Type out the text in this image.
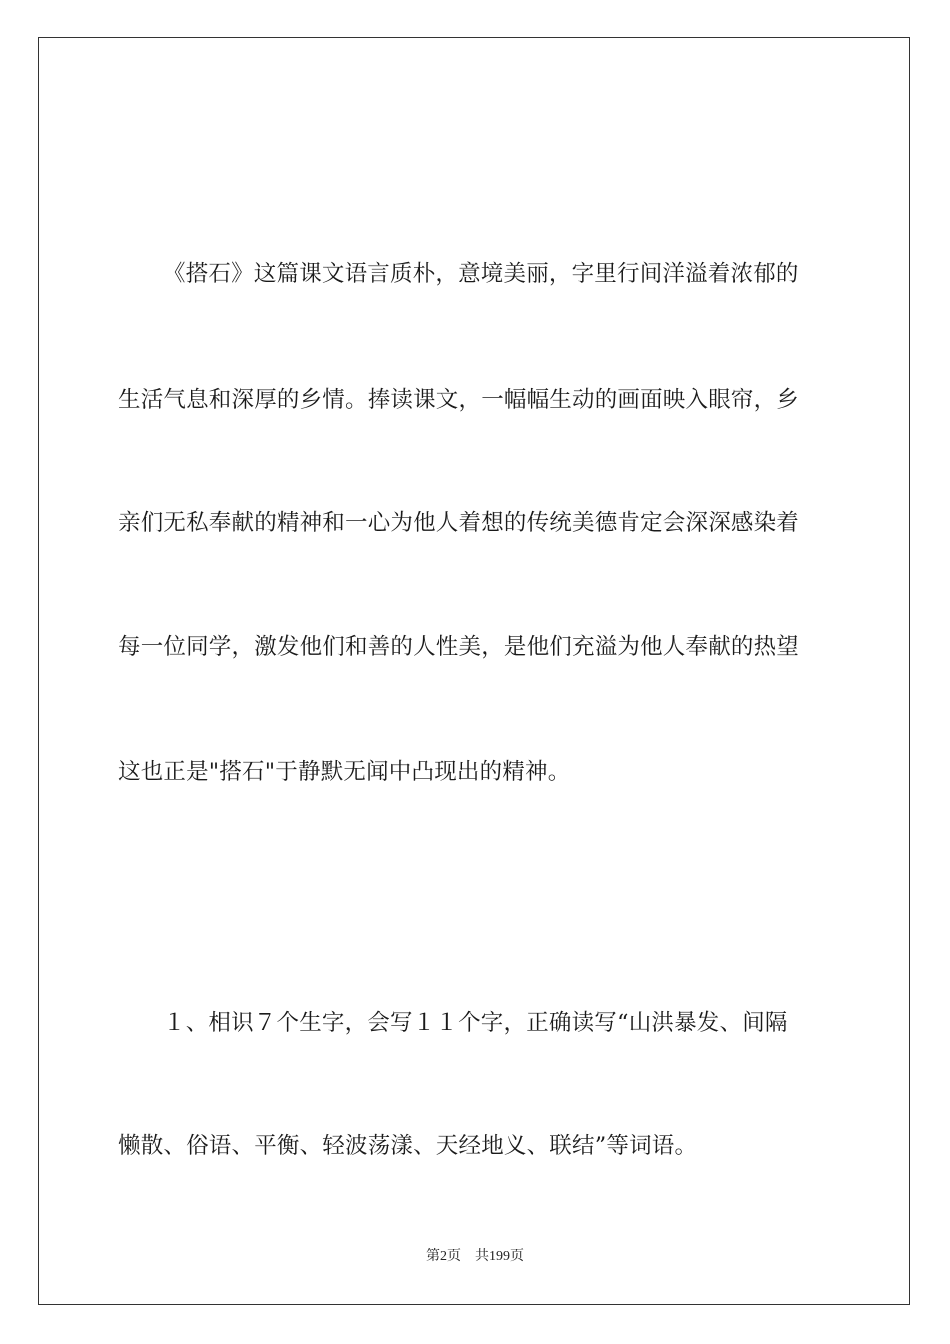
《搭石》这篇课文语言质朴，意境美丽，字里行间洋溢着浓郁的

生活气息和深厚的乡情。捧读课文，一幅幅生动的画面映入眼帘，乡

亲们无私奉献的精神和一心为他人着想的传统美德肯定会深深感染着

每一位同学，激发他们和善的人性美，是他们充溢为他人奉献的热望

这也正是"搭石"于静默无闻中凸现出的精神。

１、相识７个生字，会写１１个字，正确读写“山洪暴发、间隔

懒散、俗语、平衡、轻波荡漾、天经地义、联结”等词语。

第2页 共199页
